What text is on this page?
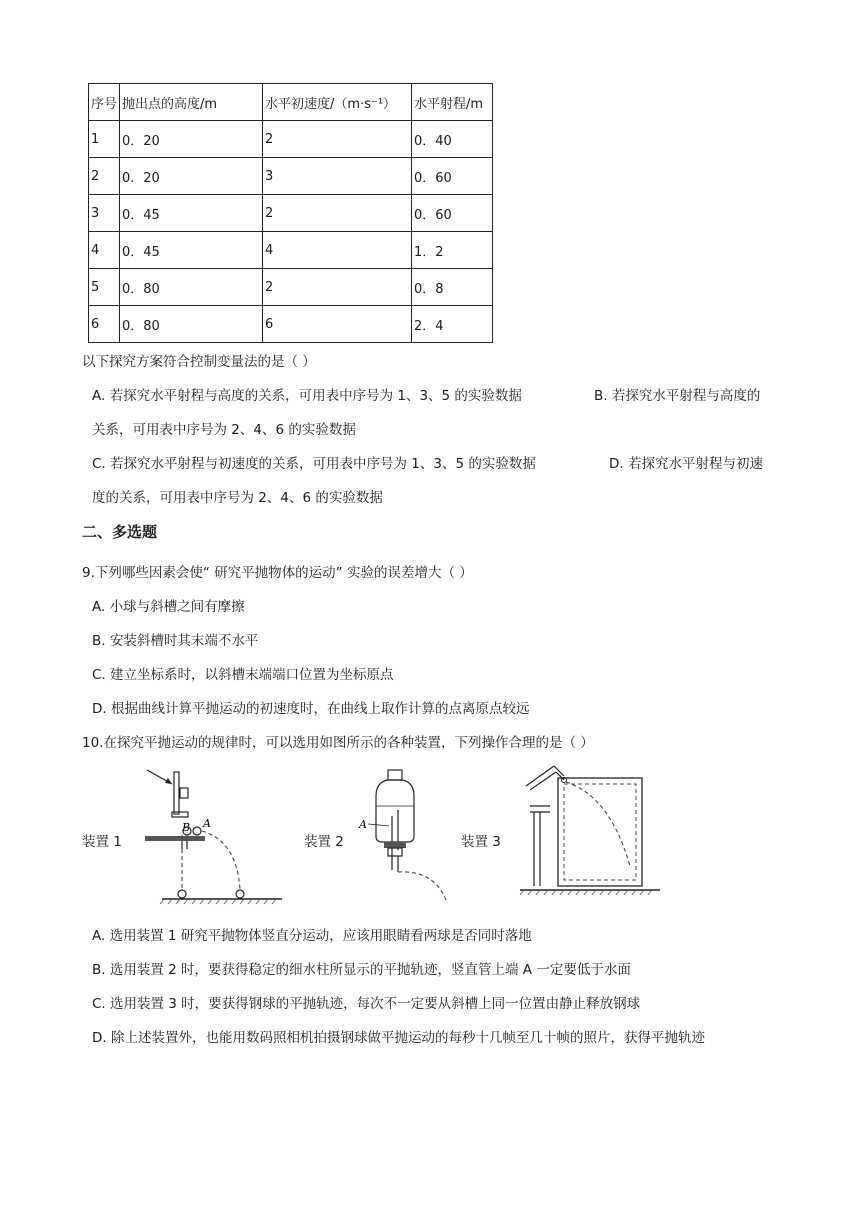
序号	抛出点的高度/m	水平初速度/（m·s⁻¹）	水平射程/m
1	0．20	2	0．40
2	0．20	3	0．60
3	0．45	2	0．60
4	0．45	4	1．2
5	0．80	2	0．8
6	0．80	6	2．4
以下探究方案符合控制变量法的是（ ）
A. 若探究水平射程与高度的关系，可用表中序号为 1、3、5 的实验数据	B. 若探究水平射程与高度的
关系，可用表中序号为 2、4、6 的实验数据
C. 若探究水平射程与初速度的关系，可用表中序号为 1、3、5 的实验数据	D. 若探究水平射程与初速
度的关系，可用表中序号为 2、4、6 的实验数据
二、多选题
9.下列哪些因素会使“ 研究平抛物体的运动” 实验的误差增大（ ）
A. 小球与斜槽之间有摩擦
B. 安装斜槽时其末端不水平
C. 建立坐标系时，以斜槽末端端口位置为坐标原点
D. 根据曲线计算平抛运动的初速度时，在曲线上取作计算的点离原点较远
10.在探究平抛运动的规律时，可以选用如图所示的各种装置，下列操作合理的是（ ）
装置 1	装置 2	装置 3
B A	A
A. 选用装置 1 研究平抛物体竖直分运动，应该用眼睛看两球是否同时落地
B. 选用装置 2 时，要获得稳定的细水柱所显示的平抛轨迹，竖直管上端 A 一定要低于水面
C. 选用装置 3 时，要获得钢球的平抛轨迹，每次不一定要从斜槽上同一位置由静止释放钢球
D. 除上述装置外，也能用数码照相机拍摄钢球做平抛运动的每秒十几帧至几十帧的照片，获得平抛轨迹
